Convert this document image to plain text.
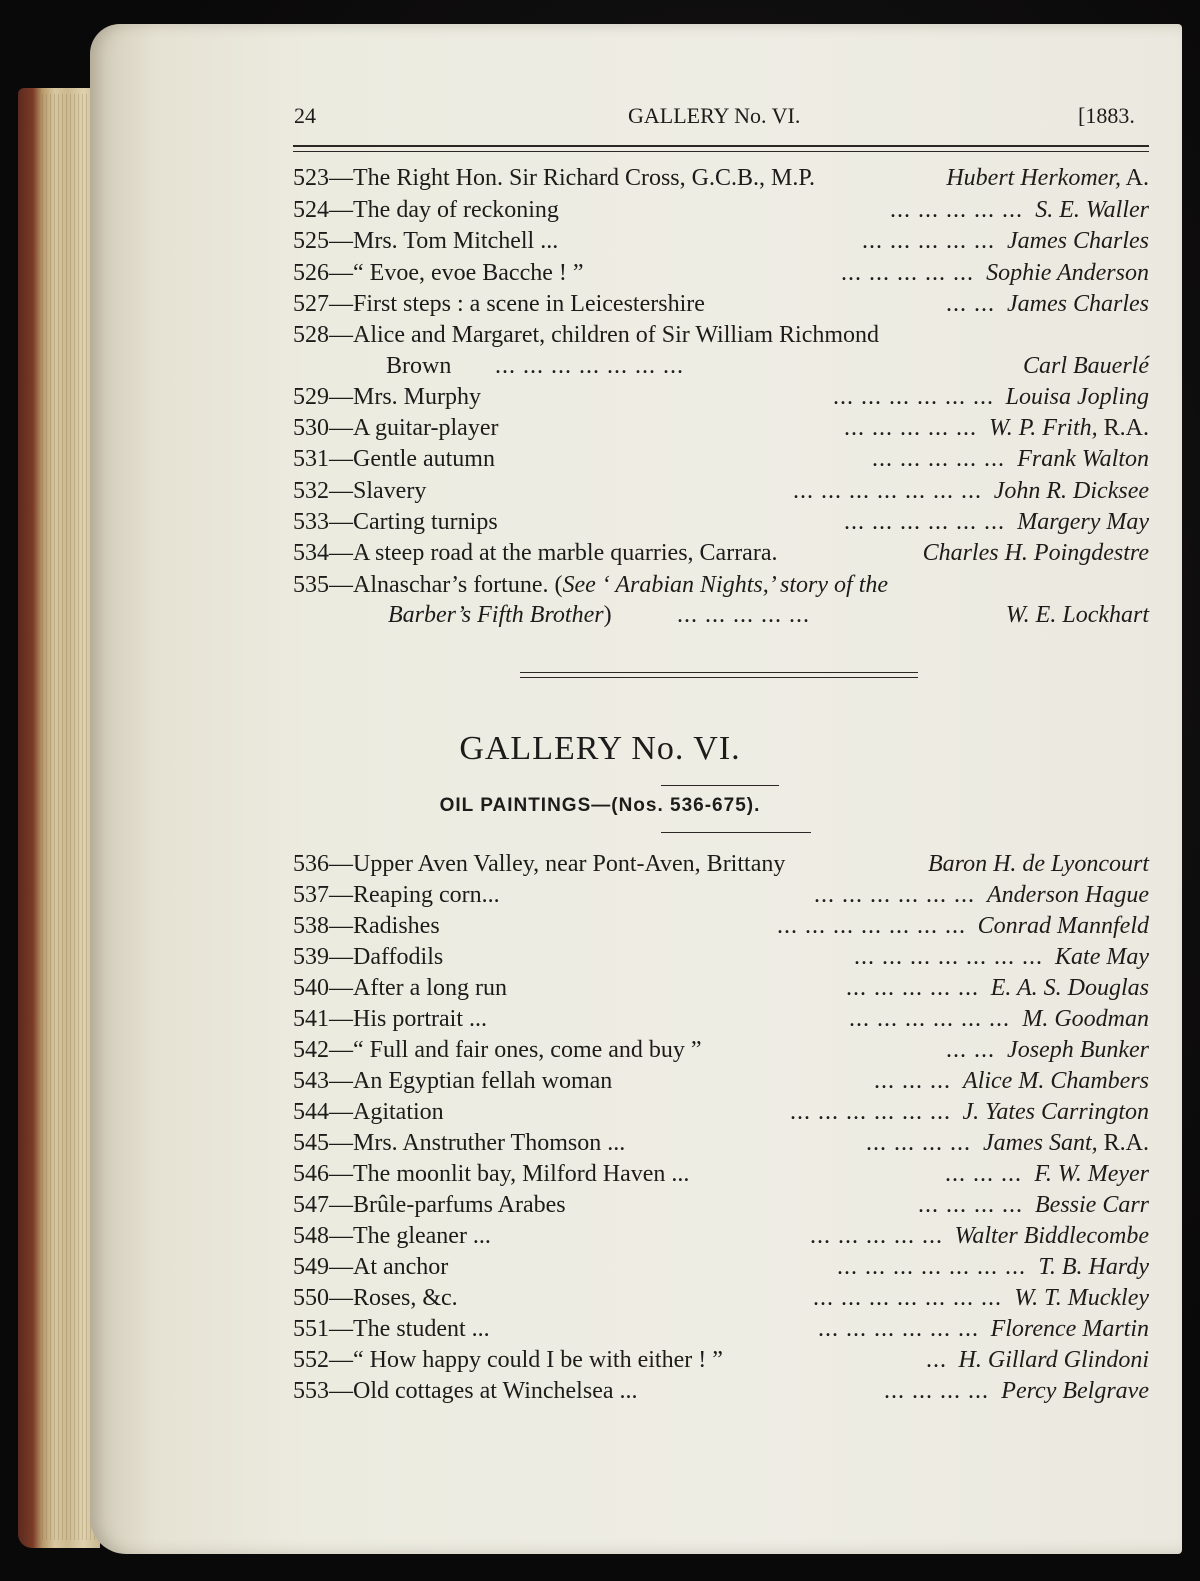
24	GALLERY No. VI.	[1883.
523—The Right Hon. Sir Richard Cross, G.C.B., M.P.	Hubert Herkomer, A.
524—The day of reckoning	... ... ... ... ... S. E. Waller
525—Mrs. Tom Mitchell ...	... ... ... ... ... James Charles
526—“ Evoe, evoe Bacche ! ”	... ... ... ... ... Sophie Anderson
527—First steps : a scene in Leicestershire	... ... James Charles
528—Alice and Margaret, children of Sir William Richmond
Brown ... ... ... ... ... ... ...	Carl Bauerlé
529—Mrs. Murphy	... ... ... ... ... ... Louisa Jopling
530—A guitar-player	... ... ... ... ... W. P. Frith, R.A.
531—Gentle autumn	... ... ... ... ... Frank Walton
532—Slavery	... ... ... ... ... ... ... John R. Dicksee
533—Carting turnips	... ... ... ... ... ... Margery May
534—A steep road at the marble quarries, Carrara.	Charles H. Poingdestre
535—Alnaschar’s fortune. (See ‘ Arabian Nights,’ story of the
Barber’s Fifth Brother)	... ... ... ... ...	W. E. Lockhart
GALLERY No. VI.
OIL PAINTINGS—(Nos. 536-675).
536—Upper Aven Valley, near Pont-Aven, Brittany	Baron H. de Lyoncourt
537—Reaping corn...	... ... ... ... ... ... Anderson Hague
538—Radishes	... ... ... ... ... ... ... Conrad Mannfeld
539—Daffodils	... ... ... ... ... ... ... Kate May
540—After a long run	... ... ... ... ... E. A. S. Douglas
541—His portrait ...	... ... ... ... ... ... M. Goodman
542—“ Full and fair ones, come and buy ”	... ... Joseph Bunker
543—An Egyptian fellah woman	... ... ... Alice M. Chambers
544—Agitation	... ... ... ... ... ... J. Yates Carrington
545—Mrs. Anstruther Thomson ...	... ... ... ... James Sant, R.A.
546—The moonlit bay, Milford Haven ...	... ... ... F. W. Meyer
547—Brûle-parfums Arabes	... ... ... ... Bessie Carr
548—The gleaner ...	... ... ... ... ... Walter Biddlecombe
549—At anchor	... ... ... ... ... ... ... T. B. Hardy
550—Roses, &c.	... ... ... ... ... ... ... W. T. Muckley
551—The student ...	... ... ... ... ... ... Florence Martin
552—“ How happy could I be with either ! ”	... H. Gillard Glindoni
553—Old cottages at Winchelsea ...	... ... ... ... Percy Belgrave
